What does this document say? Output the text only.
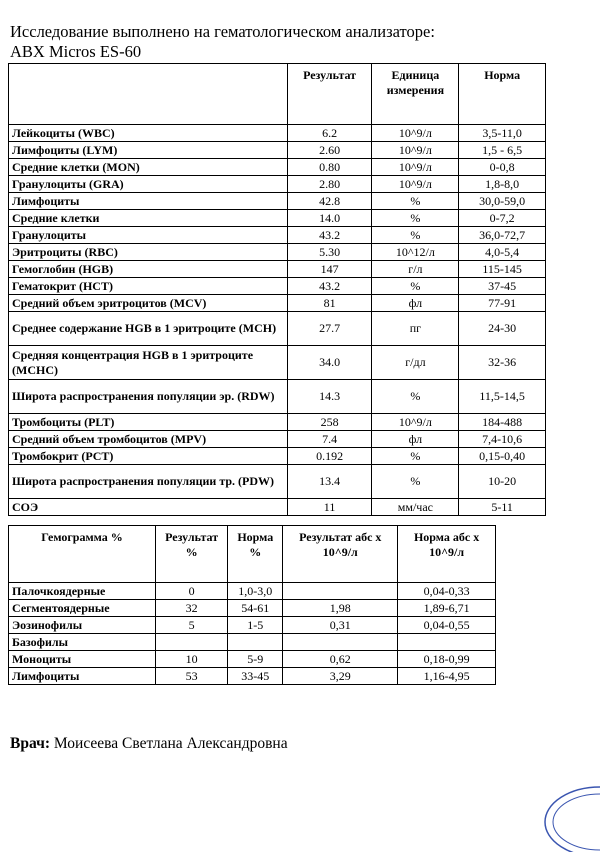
Исследование выполнено на гематологическом анализаторе:
ABX Micros ES-60
	Результат	Единица измерения	Норма
Лейкоциты (WBC)	6.2	10^9/л	3,5-11,0
Лимфоциты (LYM)	2.60	10^9/л	1,5 - 6,5
Средние клетки (MON)	0.80	10^9/л	0-0,8
Гранулоциты (GRA)	2.80	10^9/л	1,8-8,0
Лимфоциты	42.8	%	30,0-59,0
Средние клетки	14.0	%	0-7,2
Гранулоциты	43.2	%	36,0-72,7
Эритроциты (RBC)	5.30	10^12/л	4,0-5,4
Гемоглобин (HGB)	147	г/л	115-145
Гематокрит (HCT)	43.2	%	37-45
Средний объем эритроцитов (MCV)	81	фл	77-91
Среднее содержание HGB в 1 эритроците (MCH)	27.7	пг	24-30
Средняя концентрация HGB в 1 эритроците (MCHC)	34.0	г/дл	32-36
Широта распространения популяции эр. (RDW)	14.3	%	11,5-14,5
Тромбоциты (PLT)	258	10^9/л	184-488
Средний объем тромбоцитов (MPV)	7.4	фл	7,4-10,6
Тромбокрит (PCT)	0.192	%	0,15-0,40
Широта распространения популяции тр. (PDW)	13.4	%	10-20
СОЭ	11	мм/час	5-11
Гемограмма %	Результат %	Норма %	Результат абс x 10^9/л	Норма абс x 10^9/л
Палочкоядерные	0	1,0-3,0		0,04-0,33
Сегментоядерные	32	54-61	1,98	1,89-6,71
Эозинофилы	5	1-5	0,31	0,04-0,55
Базофилы				
Моноциты	10	5-9	0,62	0,18-0,99
Лимфоциты	53	33-45	3,29	1,16-4,95
Врач: Моисеева Светлана Александровна
